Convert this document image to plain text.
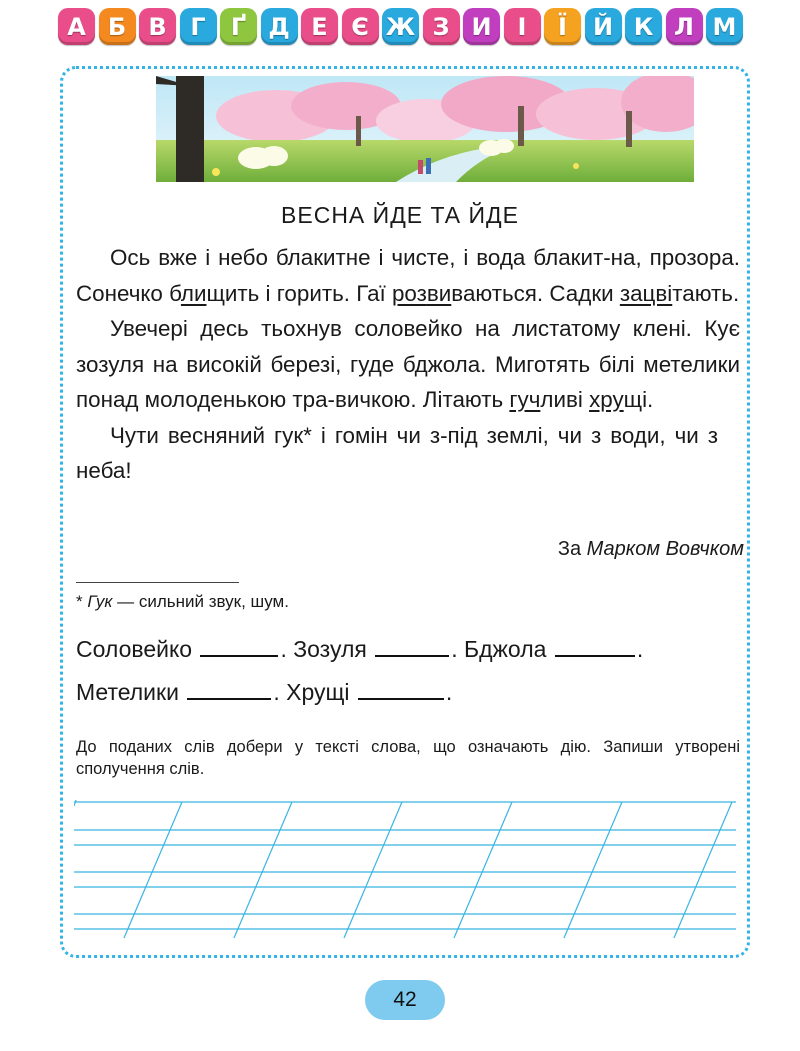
А Б В Г	Ґ Д Е Є Ж З И	І	Ї	Й К Л М
ВЕСНА ЙДЕ ТА ЙДЕ

Ось вже і небо блакитне і чисте, і вода блакит-на, прозора. Сонечко блищить і горить. Гаї розвиваються. Садки зацвітають.

Увечері десь тьохнув соловейко на листатому клені. Кує зозуля на високій березі, гуде бджола. Миготять білі метелики понад молоденькою тра-вичкою. Літають гучливі хрущі.

Чути весняний гук* і гомін чи з-під землі, чи з води, чи з неба!

За Марком Вовчком
* Гук — сильний звук, шум.
Соловейко	. Зозуля	. Бджола	.
Метелики	. Хрущі	.
До поданих слів добери у тексті слова, що означають дію. Запиши утворені сполучення слів.
42
